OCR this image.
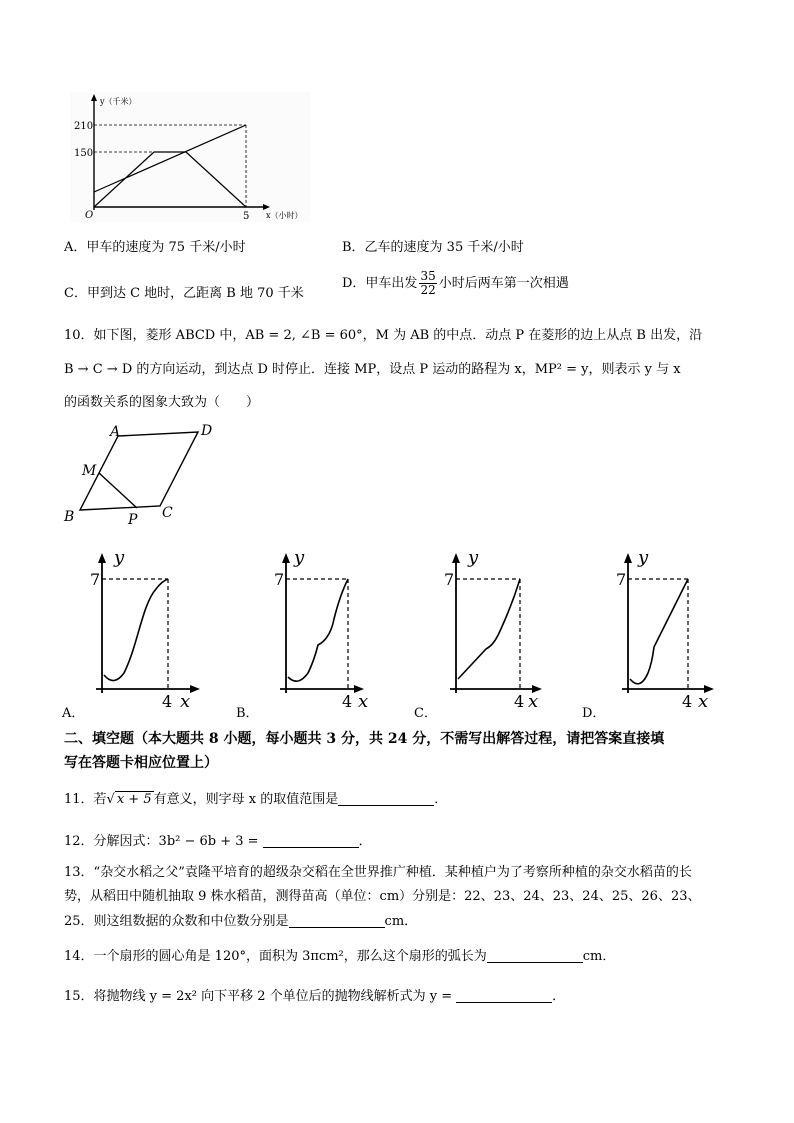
y（千米）
210
150
O	5 x（小时）
A．甲车的速度为 75 千米/小时	B．乙车的速度为 35 千米/小时
C．甲到达 C 地时，乙距离 B 地 70 千米
D．甲车出发 $\frac{35}{22}$ 小时后两车第一次相遇
10．如下图，菱形 ABCD 中，AB = 2, ∠B = 60°，M 为 AB 的中点．动点 P 在菱形的边上从点 B 出发，沿
B → C → D 的方向运动，到达点 D 时停止．连接 MP，设点 P 运动的路程为 x，MP² = y，则表示 y 与 x
的函数关系的图象大致为（　　）
A	D
B	C
M
P
y
7
4 x
A．
y
7
4 x
B．
y
7
4 x
C．
y
7
4 x
D．
二、填空题（本大题共 8 小题，每小题共 3 分，共 24 分，不需写出解答过程，请把答案直接填
写在答题卡相应位置上）
11．若√ x + 5 有意义，则字母 x 的取值范围是	．
12．分解因式：3b² − 6b + 3 =	．
13．“杂交水稻之父”袁隆平培育的超级杂交稻在全世界推广种植．某种植户为了考察所种植的杂交水稻苗的长
势，从稻田中随机抽取 9 株水稻苗，测得苗高（单位：cm）分别是：22、23、24、23、24、25、26、23、
25．则这组数据的众数和中位数分别是	cm．
14．一个扇形的圆心角是 120°，面积为 3πcm²，那么这个扇形的弧长为	cm．
15．将抛物线 y = 2x² 向下平移 2 个单位后的抛物线解析式为 y =	．
